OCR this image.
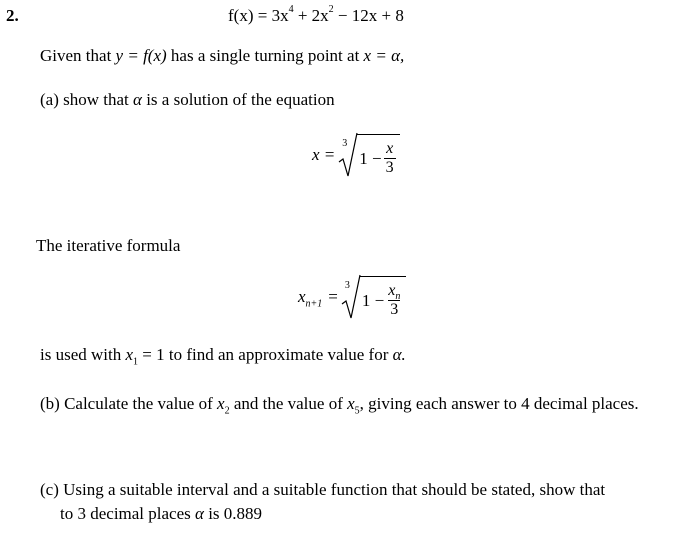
2.	$f(x) = 3x^4 + 2x^2 - 12x + 8$
Given that y = f(x) has a single turning point at x = α,
(a) show that α is a solution of the equation
x =
3
$1 - \frac{x}{3}$
The iterative formula
$x_{n+1}$ =
3
$1 - \frac{x_n}{3}$
is used with $x_1 = 1$ to find an approximate value for α.
(b) Calculate the value of $x_2$ and the value of $x_5$, giving each answer to 4 decimal places.
(c) Using a suitable interval and a suitable function that should be stated, show that
to 3 decimal places α is 0.889
